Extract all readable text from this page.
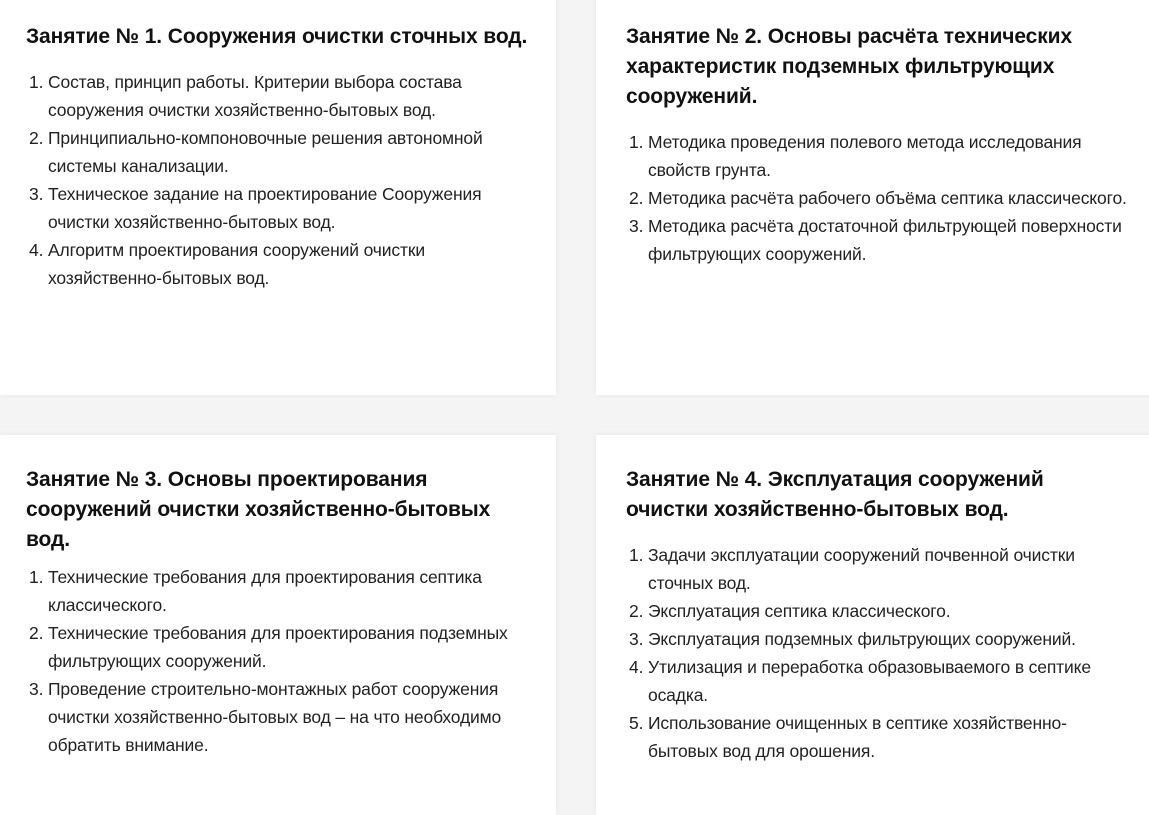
Занятие № 1. Сооружения очистки сточных вод.
1. Состав, принцип работы. Критерии выбора состава сооружения очистки хозяйственно-бытовых вод.
2. Принципиально-компоновочные решения автономной системы канализации.
3. Техническое задание на проектирование Сооружения очистки хозяйственно-бытовых вод.
4. Алгоритм проектирования сооружений очистки хозяйственно-бытовых вод.
Занятие № 2. Основы расчёта технических характеристик подземных фильтрующих сооружений.
1. Методика проведения полевого метода исследования свойств грунта.
2. Методика расчёта рабочего объёма септика классического.
3. Методика расчёта достаточной фильтрующей поверхности фильтрующих сооружений.
Занятие № 3. Основы проектирования сооружений очистки хозяйственно-бытовых вод.
1. Технические требования для проектирования септика классического.
2. Технические требования для проектирования подземных фильтрующих сооружений.
3. Проведение строительно-монтажных работ сооружения очистки хозяйственно-бытовых вод – на что необходимо обратить внимание.
Занятие № 4. Эксплуатация сооружений очистки хозяйственно-бытовых вод.
1. Задачи эксплуатации сооружений почвенной очистки сточных вод.
2. Эксплуатация септика классического.
3. Эксплуатация подземных фильтрующих сооружений.
4. Утилизация и переработка образовываемого в септике осадка.
5. Использование очищенных в септике хозяйственно-бытовых вод для орошения.
